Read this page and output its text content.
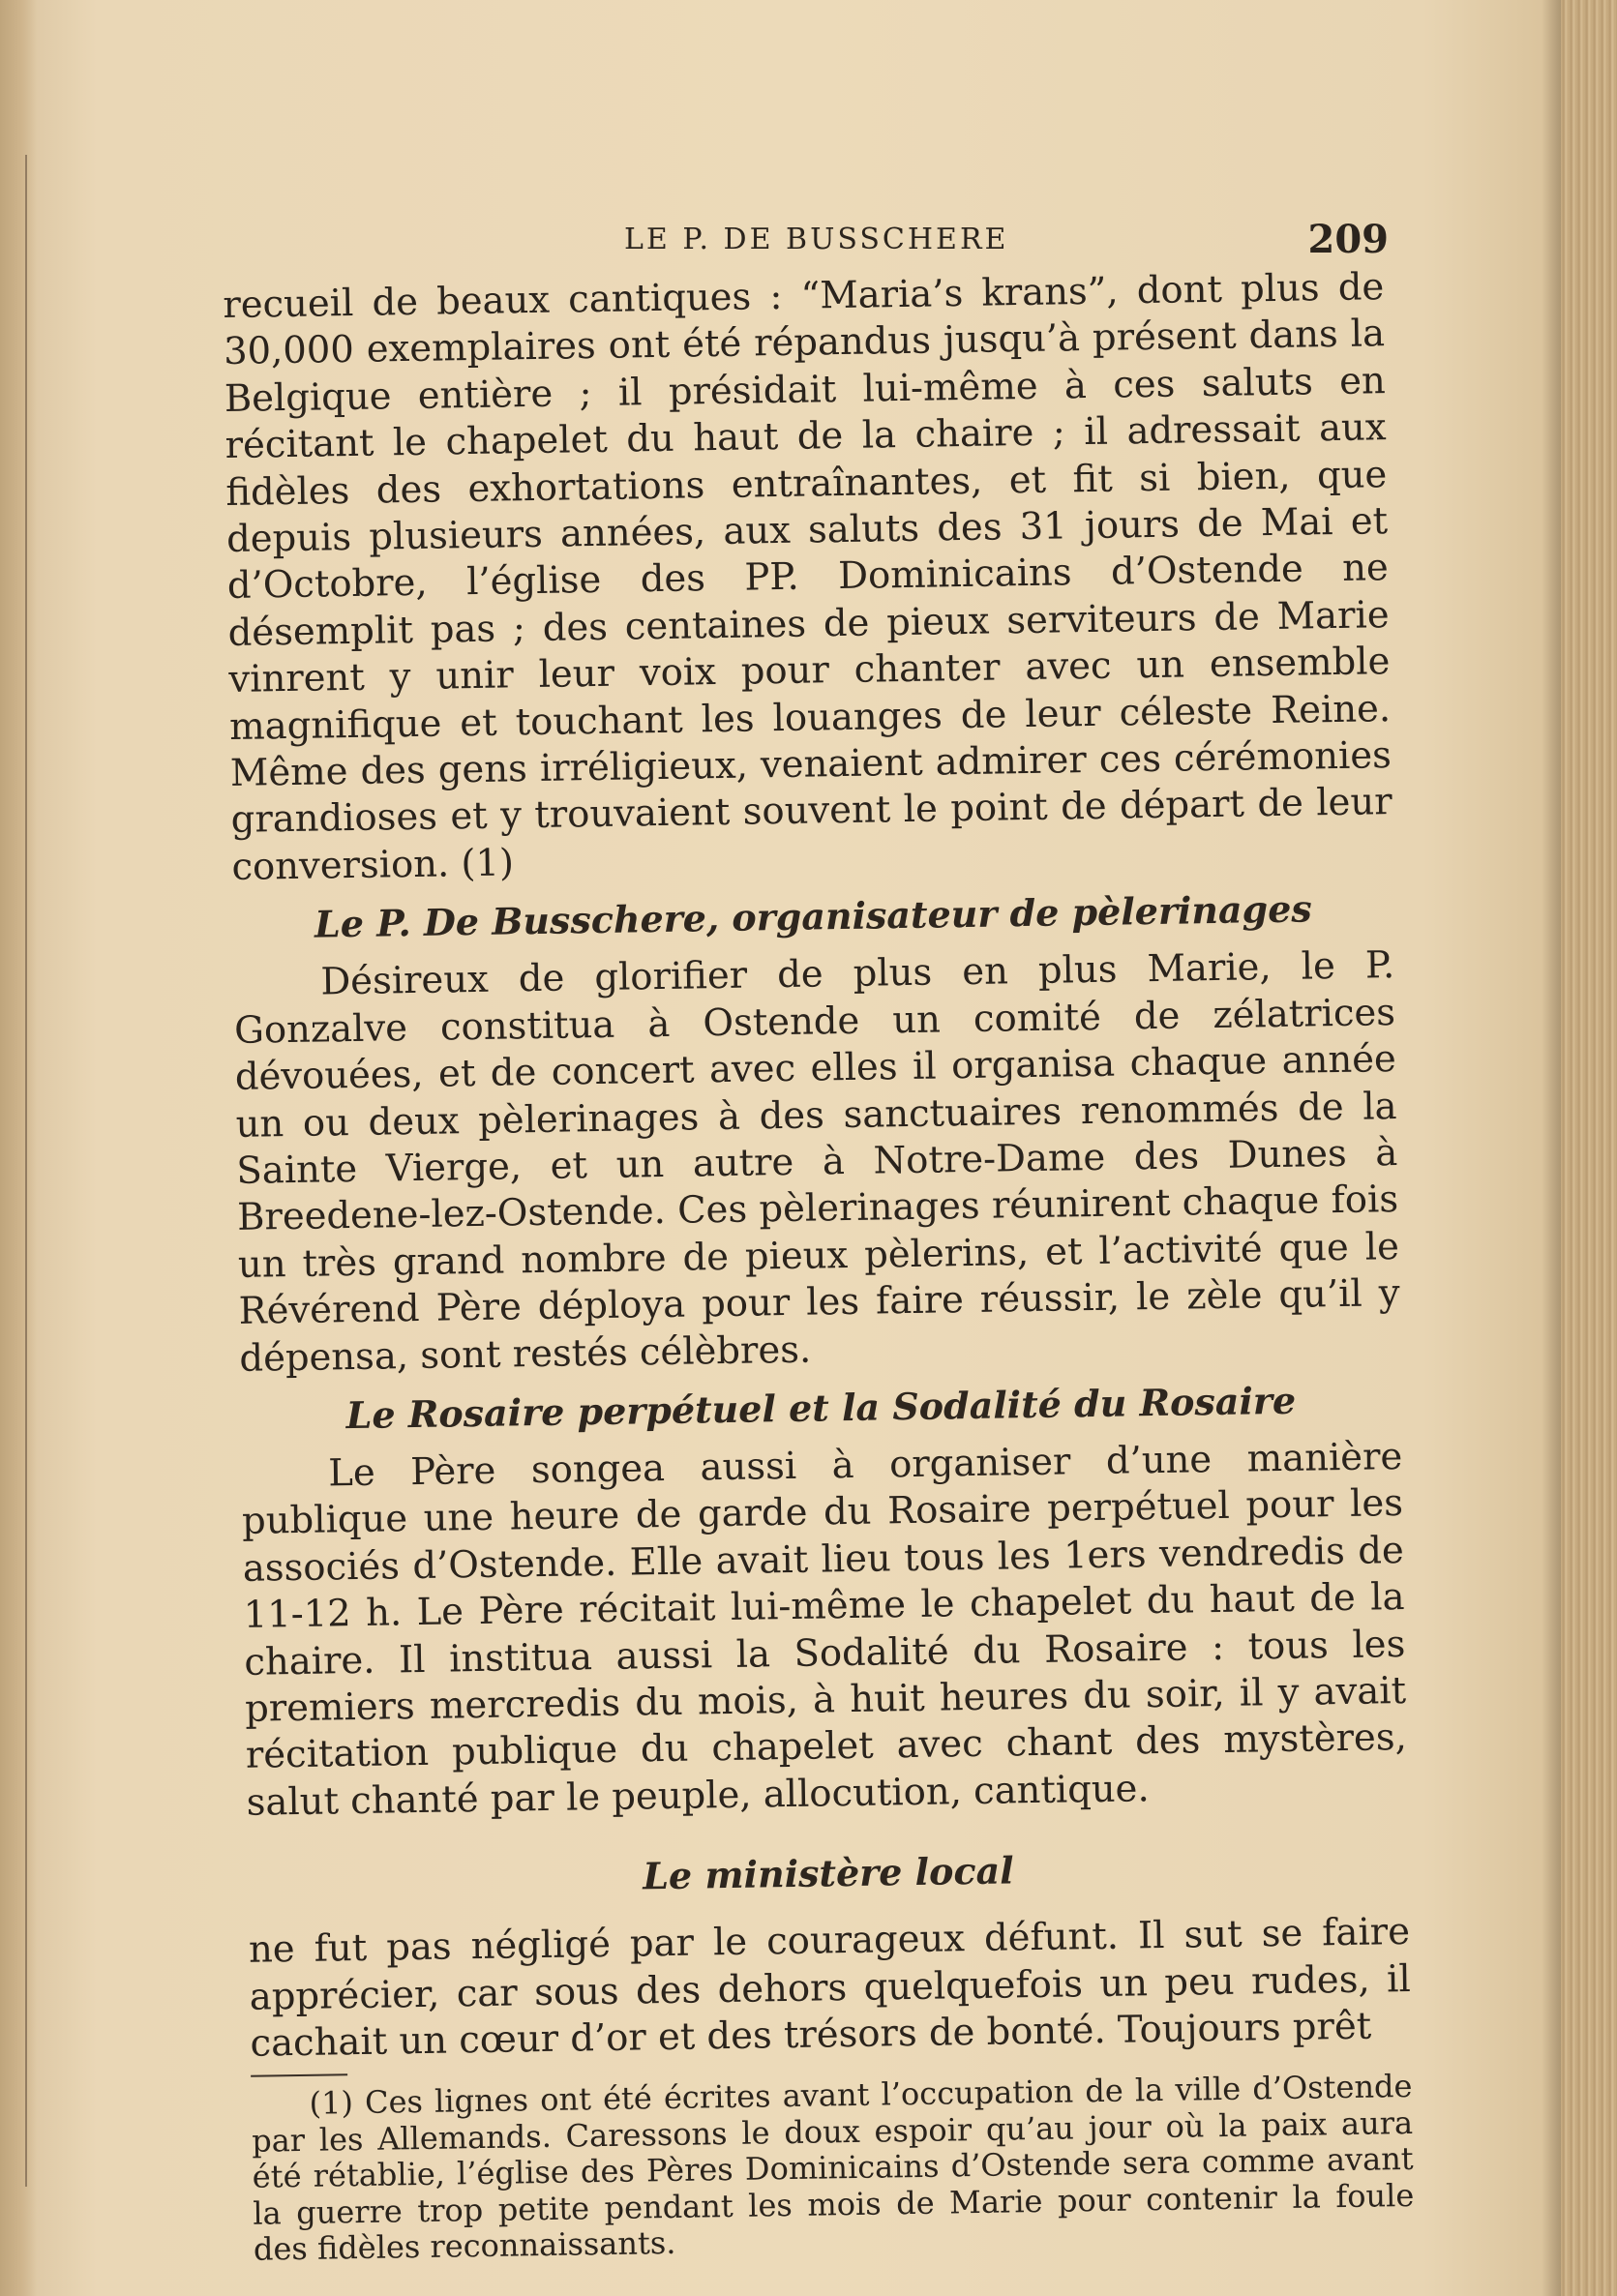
LE P. DE BUSSCHERE	209

recueil de beaux cantiques : “Maria’s krans”, dont plus de 30,000 exemplaires ont été répandus jusqu’à présent dans la Belgique entière ; il présidait lui-même à ces saluts en récitant le chapelet du haut de la chaire ; il adressait aux fidèles des exhortations entraînantes, et fit si bien, que depuis plusieurs années, aux saluts des 31 jours de Mai et d’Octobre, l’église des PP. Dominicains d’Ostende ne désemplit pas ; des centaines de pieux serviteurs de Marie vinrent y unir leur voix pour chanter avec un ensemble magnifique et touchant les louanges de leur céleste Reine. Même des gens irréligieux, venaient admirer ces cérémonies grandioses et y trouvaient souvent le point de départ de leur conversion. (1)

Le P. De Busschere, organisateur de pèlerinages

Désireux de glorifier de plus en plus Marie, le P. Gonzalve constitua à Ostende un comité de zélatrices dévouées, et de concert avec elles il organisa chaque année un ou deux pèlerinages à des sanctuaires renommés de la Sainte Vierge, et un autre à Notre-Dame des Dunes à Breedene-lez-Ostende. Ces pèlerinages réunirent chaque fois un très grand nombre de pieux pèlerins, et l’activité que le Révérend Père déploya pour les faire réussir, le zèle qu’il y dépensa, sont restés célèbres.

Le Rosaire perpétuel et la Sodalité du Rosaire

Le Père songea aussi à organiser d’une manière publique une heure de garde du Rosaire perpétuel pour les associés d’Ostende. Elle avait lieu tous les 1ers vendredis de 11-12 h. Le Père récitait lui-même le chapelet du haut de la chaire. Il institua aussi la Sodalité du Rosaire : tous les premiers mercredis du mois, à huit heures du soir, il y avait récitation publique du chapelet avec chant des mystères, salut chanté par le peuple, allocution, cantique.

Le ministère local

ne fut pas négligé par le courageux défunt. Il sut se faire apprécier, car sous des dehors quelquefois un peu rudes, il cachait un cœur d’or et des trésors de bonté. Toujours prêt

(1) Ces lignes ont été écrites avant l’occupation de la ville d’Ostende par les Allemands. Caressons le doux espoir qu’au jour où la paix aura été rétablie, l’église des Pères Dominicains d’Ostende sera comme avant la guerre trop petite pendant les mois de Marie pour contenir la foule des fidèles reconnaissants.
